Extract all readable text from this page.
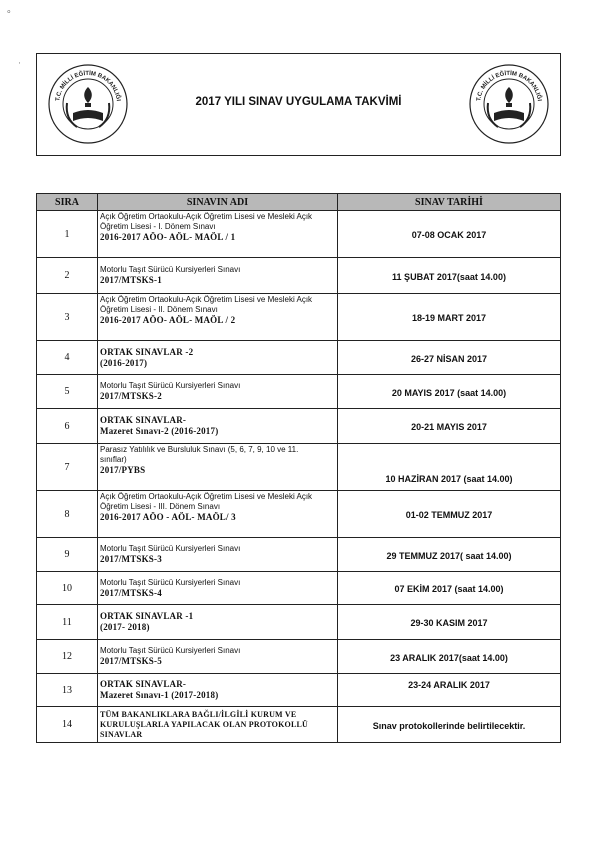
∘
·
T.C. MİLLİ EĞİTİM BAKANLIĞI	2017 YILI SINAV UYGULAMA TAKVİMİ	T.C. MİLLİ EĞİTİM BAKANLIĞI
SIRA	SINAVIN ADI	SINAV TARİHİ
1	Açık Öğretim Ortaokulu-Açık Öğretim Lisesi ve Mesleki Açık
Öğretim Lisesi - I. Dönem Sınavı
2016-2017 AÖO- AÖL- MAÖL / 1	07-08 OCAK 2017
2	Motorlu Taşıt Sürücü Kursiyerleri Sınavı
2017/MTSKS-1	11 ŞUBAT 2017(saat 14.00)
3	Açık Öğretim Ortaokulu-Açık Öğretim Lisesi ve Mesleki Açık
Öğretim Lisesi - II. Dönem Sınavı
2016-2017 AÖO- AÖL- MAÖL / 2	18-19 MART 2017
4	ORTAK SINAVLAR -2
(2016-2017)	26-27 NİSAN 2017
5	Motorlu Taşıt Sürücü Kursiyerleri Sınavı
2017/MTSKS-2	20 MAYIS 2017 (saat 14.00)
6	ORTAK SINAVLAR-
Mazeret Sınavı-2 (2016-2017)	20-21 MAYIS 2017
7	Parasız Yatılılık ve Bursluluk Sınavı (5, 6, 7, 9, 10 ve 11.
sınıflar)
2017/PYBS	10 HAZİRAN 2017 (saat 14.00)
8	Açık Öğretim Ortaokulu-Açık Öğretim Lisesi ve Mesleki Açık
Öğretim Lisesi - III. Dönem Sınavı
2016-2017 AÖO - AÖL- MAÖL/ 3	01-02 TEMMUZ 2017
9	Motorlu Taşıt Sürücü Kursiyerleri Sınavı
2017/MTSKS-3	29 TEMMUZ 2017( saat 14.00)
10	Motorlu Taşıt Sürücü Kursiyerleri Sınavı
2017/MTSKS-4	07 EKİM 2017 (saat 14.00)
11	ORTAK SINAVLAR -1
(2017- 2018)	29-30 KASIM 2017
12	Motorlu Taşıt Sürücü Kursiyerleri Sınavı
2017/MTSKS-5	23 ARALIK 2017(saat 14.00)
13	ORTAK SINAVLAR-
Mazeret Sınavı-1 (2017-2018)	23-24 ARALIK 2017
14	TÜM BAKANLIKLARA BAĞLI/İLGİLİ KURUM VE
KURULUŞLARLA YAPILACAK OLAN PROTOKOLLÜ
SINAVLAR	Sınav protokollerinde belirtilecektir.
